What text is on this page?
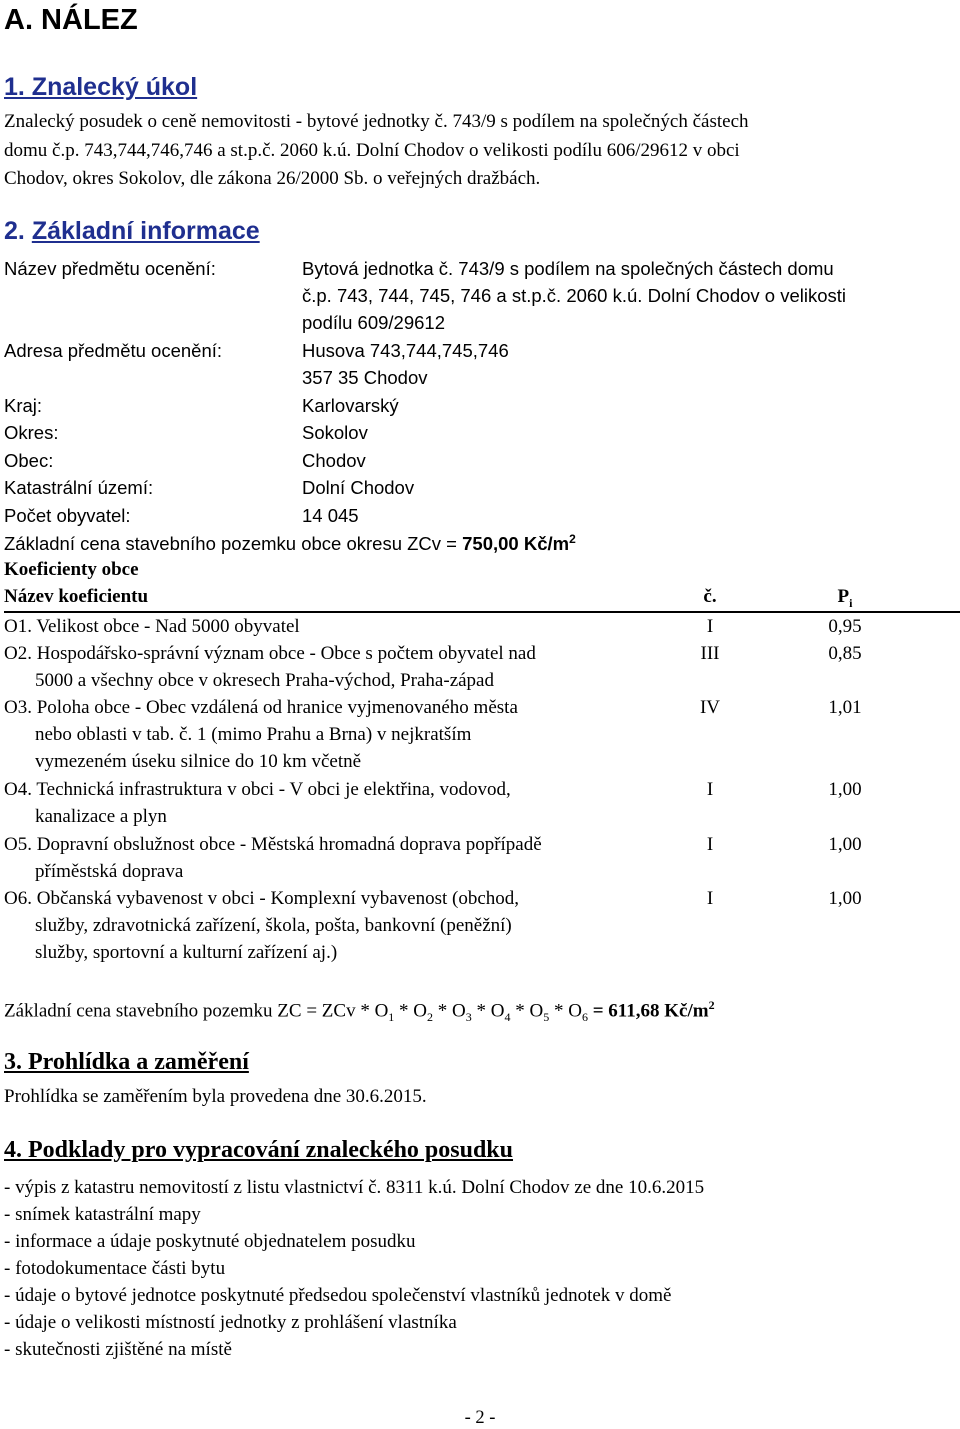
A. NÁLEZ
1. Znalecký úkol
Znalecký posudek o ceně nemovitosti - bytové jednotky č. 743/9 s podílem na společných částech
domu č.p. 743,744,746,746 a st.p.č. 2060 k.ú. Dolní Chodov o velikosti podílu 606/29612 v obci
Chodov, okres Sokolov, dle zákona 26/2000 Sb. o veřejných dražbách.
2. Základní informace
Název předmětu ocenění:	Bytová jednotka č. 743/9 s podílem na společných částech domu
č.p. 743, 744, 745, 746 a st.p.č. 2060 k.ú. Dolní Chodov o velikosti
podílu 609/29612
Adresa předmětu ocenění:	Husova 743,744,745,746
357 35 Chodov
Kraj:	Karlovarský
Okres:	Sokolov
Obec:	Chodov
Katastrální území:	Dolní Chodov
Počet obyvatel:	14 045
Základní cena stavebního pozemku obce okresu ZCv = 750,00 $Kč/m^2$
Koeficienty obce
Název koeficientu	č.	$P_i$
O1. Velikost obce - Nad 5000 obyvatel	I	0,95
O2. Hospodářsko-správní význam obce - Obce s počtem obyvatel nad
5000 a všechny obce v okresech Praha-východ, Praha-západ
III	0,85
O3. Poloha obce - Obec vzdálená od hranice vyjmenovaného města
nebo oblasti v tab. č. 1 (mimo Prahu a Brna) v nejkratším
vymezeném úseku silnice do 10 km včetně
IV	1,01
O4. Technická infrastruktura v obci - V obci je elektřina, vodovod,
kanalizace a plyn
I	1,00
O5. Dopravní obslužnost obce - Městská hromadná doprava popřípadě
příměstská doprava
I	1,00
O6. Občanská vybavenost v obci - Komplexní vybavenost (obchod,
služby, zdravotnická zařízení, škola, pošta, bankovní (peněžní)
služby, sportovní a kulturní zařízení aj.)
I	1,00
Základní cena stavebního pozemku ZC = ZCv * $O_1 * O_2 * O_3 * O_4 * O_5 * O_6 = 611,68$ $Kč/m^2$
3. Prohlídka a zaměření
Prohlídka se zaměřením byla provedena dne 30.6.2015.
4. Podklady pro vypracování znaleckého posudku
- výpis z katastru nemovitostí z listu vlastnictví č. 8311 k.ú. Dolní Chodov ze dne 10.6.2015
- snímek katastrální mapy
- informace a údaje poskytnuté objednatelem posudku
- fotodokumentace části bytu
- údaje o bytové jednotce poskytnuté předsedou společenství vlastníků jednotek v domě
- údaje o velikosti místností jednotky z prohlášení vlastníka
- skutečnosti zjištěné na místě
- 2 -
